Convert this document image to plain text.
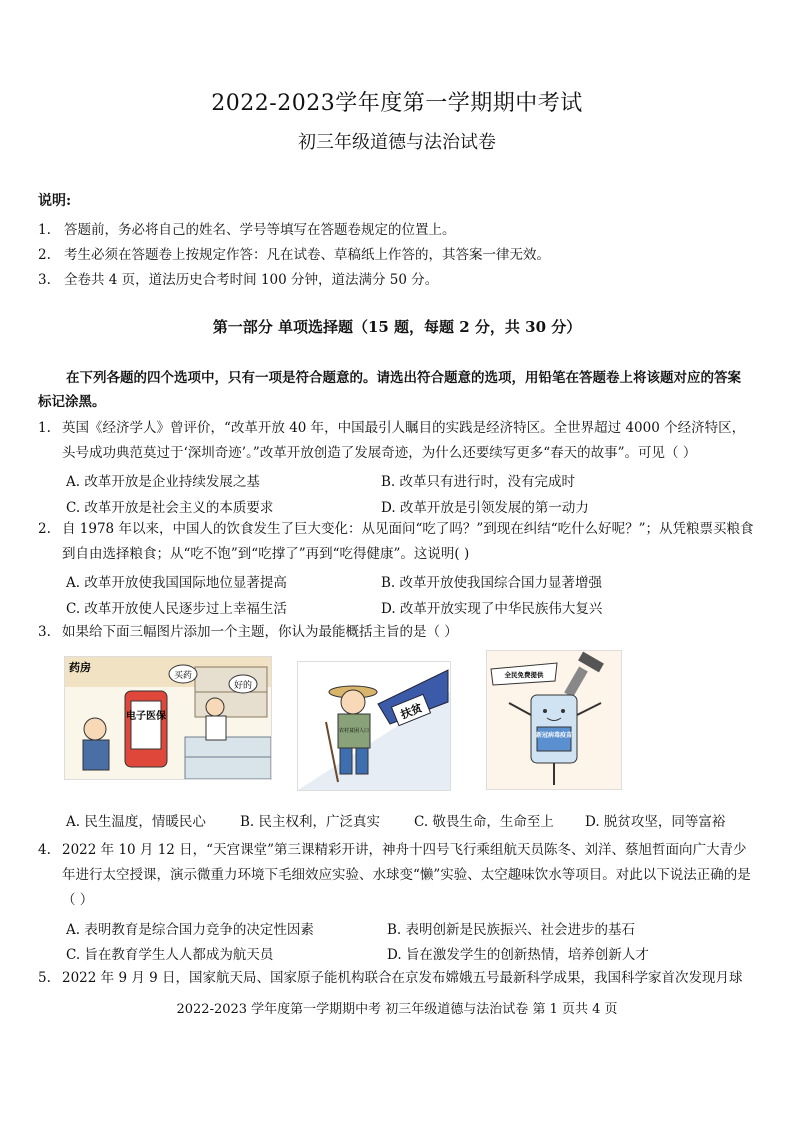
2022-2023学年度第一学期期中考试
初三年级道德与法治试卷
说明:
1. 答题前，务必将自己的姓名、学号等填写在答题卷规定的位置上。
2. 考生必须在答题卷上按规定作答：凡在试卷、草稿纸上作答的，其答案一律无效。
3. 全卷共 4 页，道法历史合考时间 100 分钟，道法满分 50 分。
第一部分 单项选择题（15 题，每题 2 分，共 30 分）
在下列各题的四个选项中，只有一项是符合题意的。请选出符合题意的选项，用铅笔在答题卷上将该题对应的答案标记涂黑。
1. 英国《经济学人》曾评价，“改革开放 40 年，中国最引人瞩目的实践是经济特区。全世界超过 4000 个经济特区，头号成功典范莫过于‘深圳奇迹’。”改革开放创造了发展奇迹，为什么还要续写更多“春天的故事”。可见（ ）
A. 改革开放是企业持续发展之基	B. 改革只有进行时，没有完成时
C. 改革开放是社会主义的本质要求	D. 改革开放是引领发展的第一动力
2. 自 1978 年以来，中国人的饮食发生了巨大变化：从见面问“吃了吗？”到现在纠结“吃什么好呢？”；从凭粮票买粮食到自由选择粮食；从“吃不饱”到“吃撑了”再到“吃得健康”。这说明( )
A. 改革开放使我国国际地位显著提高	B. 改革开放使我国综合国力显著增强
C. 改革开放使人民逐步过上幸福生活	D. 改革开放实现了中华民族伟大复兴
3. 如果给下面三幅图片添加一个主题，你认为最能概括主旨的是（ ）
药房
电子医保
买药
好的
扶贫
农村贫困人口
全民免费提供
新冠病毒疫苗
A. 民生温度，情暖民心	B. 民主权利，广泛真实	C. 敬畏生命，生命至上 D. 脱贫攻坚，同等富裕
4. 2022 年 10 月 12 日，“天宫课堂”第三课精彩开讲，神舟十四号飞行乘组航天员陈冬、刘洋、蔡旭哲面向广大青少年进行太空授课，演示微重力环境下毛细效应实验、水球变“懒”实验、太空趣味饮水等项目。对此以下说法正确的是（ ）
A. 表明教育是综合国力竞争的决定性因素	B. 表明创新是民族振兴、社会进步的基石
C. 旨在教育学生人人都成为航天员	D. 旨在激发学生的创新热情，培养创新人才
5. 2022 年 9 月 9 日，国家航天局、国家原子能机构联合在京发布嫦娥五号最新科学成果，我国科学家首次发现月球
2022-2023 学年度第一学期期中考 初三年级道德与法治试卷 第 1 页共 4 页
